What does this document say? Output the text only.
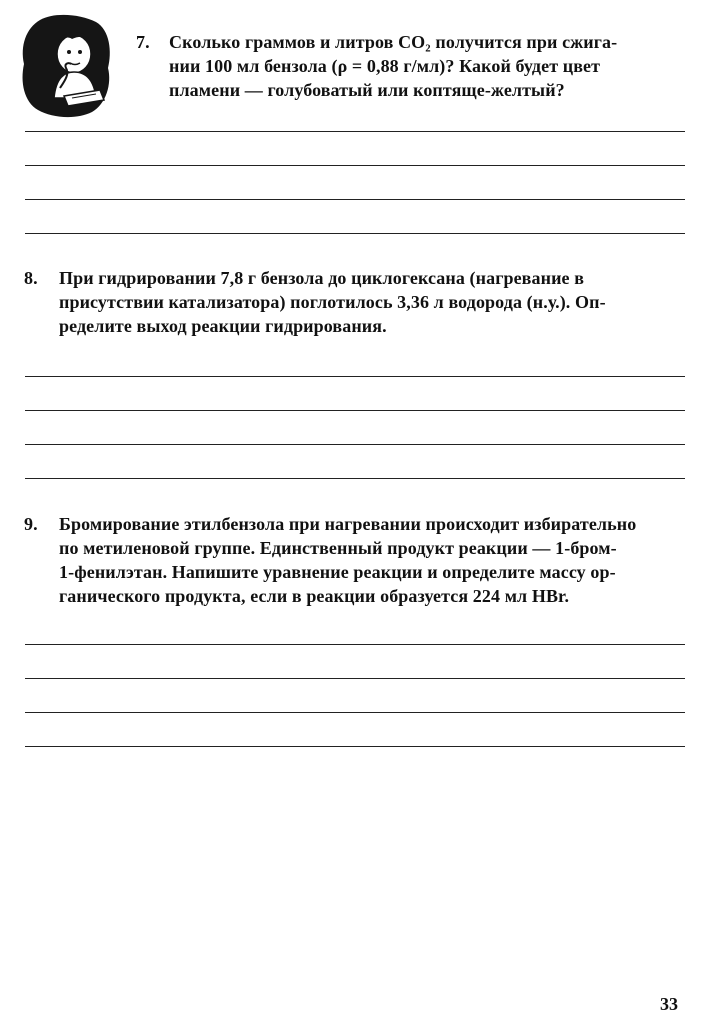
7. Сколько граммов и литров CO₂ получится при сжига-
нии 100 мл бензола (ρ = 0,88 г/мл)? Какой будет цвет
пламени — голубоватый или коптяще-желтый?
8. При гидрировании 7,8 г бензола до циклогексана (нагревание в
присутствии катализатора) поглотилось 3,36 л водорода (н.у.). Оп-
ределите выход реакции гидрирования.
9. Бромирование этилбензола при нагревании происходит избирательно
по метиленовой группе. Единственный продукт реакции — 1-бром-
1-фенилэтан. Напишите уравнение реакции и определите массу ор-
ганического продукта, если в реакции образуется 224 мл HBr.
33
